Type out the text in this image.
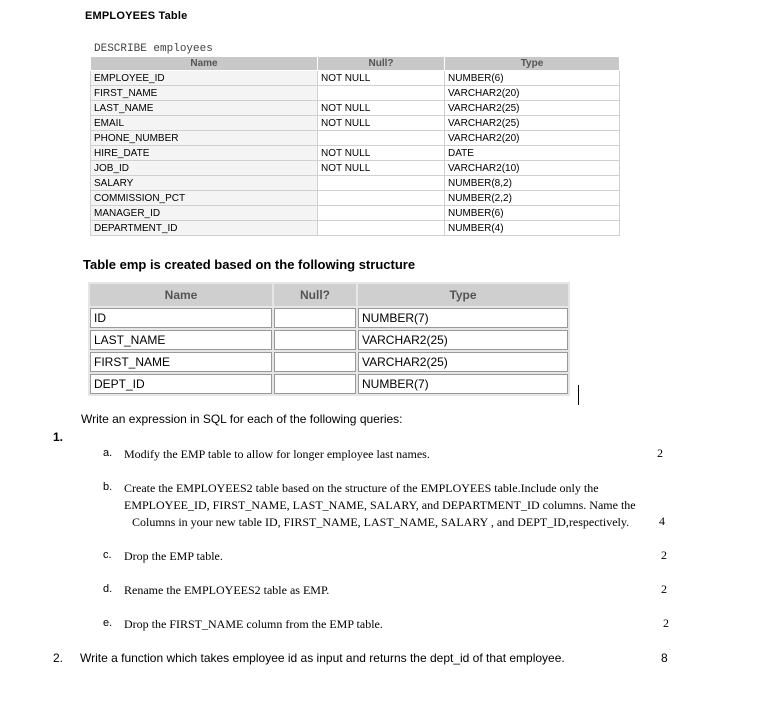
EMPLOYEES Table
DESCRIBE employees
Name	Null?	Type
EMPLOYEE_ID	NOT NULL	NUMBER(6)
FIRST_NAME		VARCHAR2(20)
LAST_NAME	NOT NULL	VARCHAR2(25)
EMAIL	NOT NULL	VARCHAR2(25)
PHONE_NUMBER		VARCHAR2(20)
HIRE_DATE	NOT NULL	DATE
JOB_ID	NOT NULL	VARCHAR2(10)
SALARY		NUMBER(8,2)
COMMISSION_PCT		NUMBER(2,2)
MANAGER_ID		NUMBER(6)
DEPARTMENT_ID		NUMBER(4)
Table emp is created based on the following structure
Name	Null?	Type
ID		NUMBER(7)
LAST_NAME		VARCHAR2(25)
FIRST_NAME		VARCHAR2(25)
DEPT_ID		NUMBER(7)
Write an expression in SQL for each of the following queries:
1.
a. Modify the EMP table to allow for longer employee last names.	2
b. Create the EMPLOYEES2 table based on the structure of the EMPLOYEES table.Include only the
EMPLOYEE_ID, FIRST_NAME, LAST_NAME, SALARY, and DEPARTMENT_ID columns. Name the
Columns in your new table ID, FIRST_NAME, LAST_NAME, SALARY , and DEPT_ID,respectively. 4
c. Drop the EMP table.	2
d. Rename the EMPLOYEES2 table as EMP.	2
e. Drop the FIRST_NAME column from the EMP table.	2
2. Write a function which takes employee id as input and returns the dept_id of that employee.	8
